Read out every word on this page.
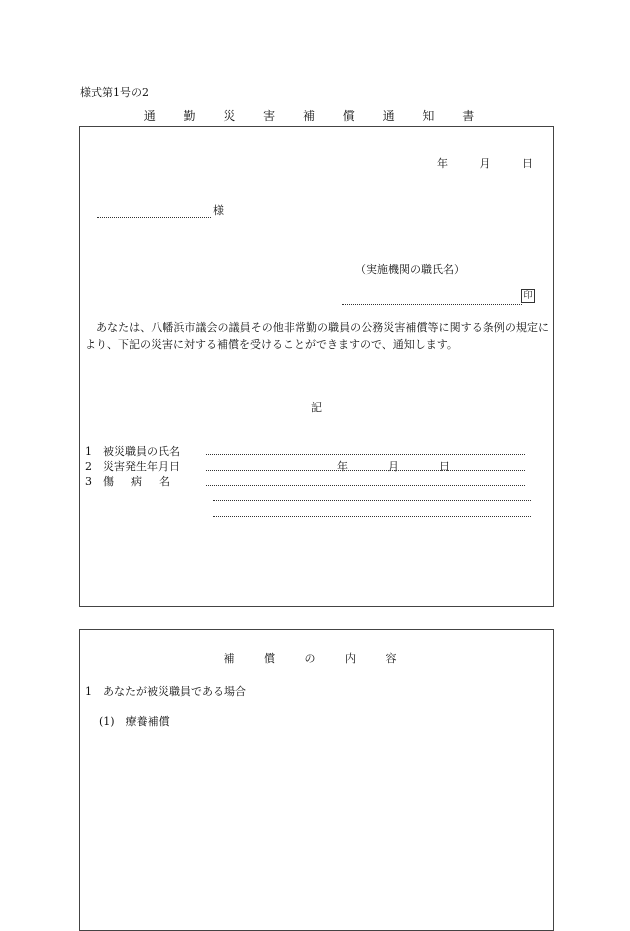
様式第1号の2
通 勤 災 害 補 償 通 知 書
年	月	日
様
（実施機関の職氏名）
印
あなたは、八幡浜市議会の議員その他非常勤の職員の公務災害補償等に関する条例の規定により、下記の災害に対する補償を受けることができますので、通知します。
記
1 被災職員の氏名
2 災害発生年月日	年	月	日
3 傷病名
補 償 の 内 容
1　あなたが被災職員である場合
(1)　療養補償
